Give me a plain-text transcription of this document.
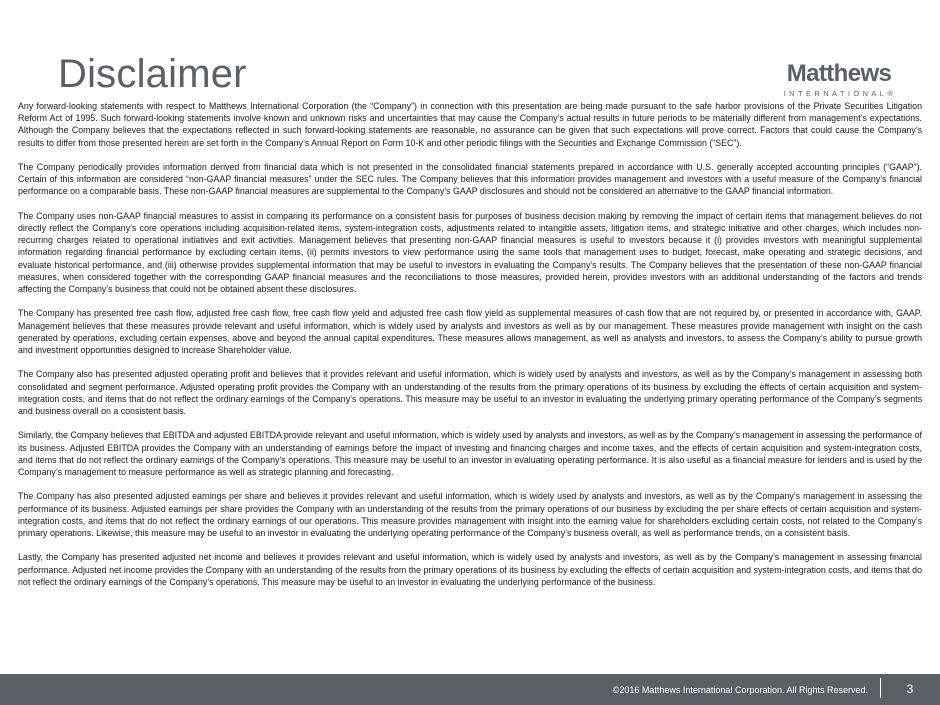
Disclaimer	Matthews
INTERNATIONAL®

Any forward-looking statements with respect to Matthews International Corporation (the “Company”) in connection with this presentation are being made pursuant to the safe harbor provisions of the Private Securities Litigation Reform Act of 1995. Such forward-looking statements involve known and unknown risks and uncertainties that may cause the Company’s actual results in future periods to be materially different from management’s expectations. Although the Company believes that the expectations reflected in such forward-looking statements are reasonable, no assurance can be given that such expectations will prove correct. Factors that could cause the Company’s results to differ from those presented herein are set forth in the Company’s Annual Report on Form 10-K and other periodic filings with the Securities and Exchange Commission (“SEC”).

The Company periodically provides information derived from financial data which is not presented in the consolidated financial statements prepared in accordance with U.S. generally accepted accounting principles (“GAAP”). Certain of this information are considered “non-GAAP financial measures” under the SEC rules. The Company believes that this information provides management and investors with a useful measure of the Company’s financial performance on a comparable basis. These non-GAAP financial measures are supplemental to the Company’s GAAP disclosures and should not be considered an alternative to the GAAP financial information.

The Company uses non-GAAP financial measures to assist in comparing its performance on a consistent basis for purposes of business decision making by removing the impact of certain items that management believes do not directly reflect the Company’s core operations including acquisition-related items, system-integration costs, adjustments related to intangible assets, litigation items, and strategic initiative and other charges, which includes non-recurring charges related to operational initiatives and exit activities. Management believes that presenting non-GAAP financial measures is useful to investors because it (i) provides investors with meaningful supplemental information regarding financial performance by excluding certain items, (ii) permits investors to view performance using the same tools that management uses to budget, forecast, make operating and strategic decisions, and evaluate historical performance, and (iii) otherwise provides supplemental information that may be useful to investors in evaluating the Company’s results. The Company believes that the presentation of these non-GAAP financial measures, when considered together with the corresponding GAAP financial measures and the reconciliations to those measures, provided herein, provides investors with an additional understanding of the factors and trends affecting the Company’s business that could not be obtained absent these disclosures.

The Company has presented free cash flow, adjusted free cash flow, free cash flow yield and adjusted free cash flow yield as supplemental measures of cash flow that are not required by, or presented in accordance with, GAAP. Management believes that these measures provide relevant and useful information, which is widely used by analysts and investors as well as by our management. These measures provide management with insight on the cash generated by operations, excluding certain expenses, above and beyond the annual capital expenditures. These measures allows management, as well as analysts and investors, to assess the Company’s ability to pursue growth and investment opportunities designed to increase Shareholder value.

The Company also has presented adjusted operating profit and believes that it provides relevant and useful information, which is widely used by analysts and investors, as well as by the Company’s management in assessing both consolidated and segment performance. Adjusted operating profit provides the Company with an understanding of the results from the primary operations of its business by excluding the effects of certain acquisition and system-integration costs, and items that do not reflect the ordinary earnings of the Company’s operations. This measure may be useful to an investor in evaluating the underlying primary operating performance of the Company’s segments and business overall on a consistent basis.

Similarly, the Company believes that EBITDA and adjusted EBITDA provide relevant and useful information, which is widely used by analysts and investors, as well as by the Company’s management in assessing the performance of its business. Adjusted EBITDA provides the Company with an understanding of earnings before the impact of investing and financing charges and income taxes, and the effects of certain acquisition and system-integration costs, and items that do not reflect the ordinary earnings of the Company’s operations. This measure may be useful to an investor in evaluating operating performance. It is also useful as a financial measure for lenders and is used by the Company’s management to measure performance as well as strategic planning and forecasting.

The Company has also presented adjusted earnings per share and believes it provides relevant and useful information, which is widely used by analysts and investors, as well as by the Company’s management in assessing the performance of its business. Adjusted earnings per share provides the Company with an understanding of the results from the primary operations of our business by excluding the per share effects of certain acquisition and system-integration costs, and items that do not reflect the ordinary earnings of our operations. This measure provides management with insight into the earning value for shareholders excluding certain costs, not related to the Company’s primary operations. Likewise, this measure may be useful to an investor in evaluating the underlying operating performance of the Company’s business overall, as well as performance trends, on a consistent basis.

Lastly, the Company has presented adjusted net income and believes it provides relevant and useful information, which is widely used by analysts and investors, as well as by the Company’s management in assessing financial performance. Adjusted net income provides the Company with an understanding of the results from the primary operations of its business by excluding the effects of certain acquisition and system-integration costs, and items that do not reflect the ordinary earnings of the Company’s operations. This measure may be useful to an investor in evaluating the underlying performance of the business.

©2016 Matthews International Corporation. All Rights Reserved.	3
